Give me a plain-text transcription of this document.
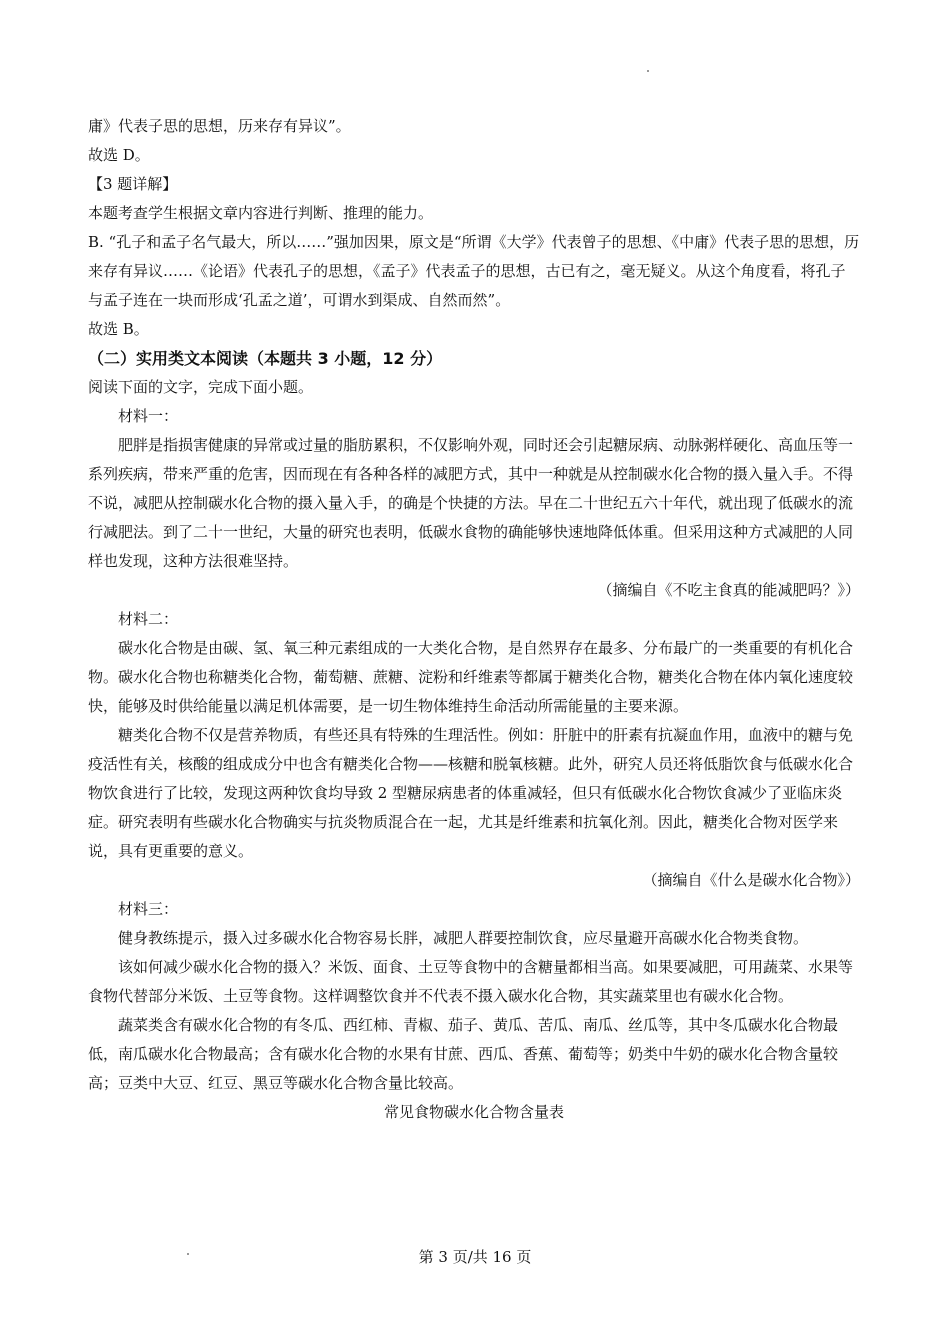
庸》代表子思的思想，历来存有异议”。

故选 D。

【3 题详解】

本题考查学生根据文章内容进行判断、推理的能力。

B. “孔子和孟子名气最大，所以……”强加因果，原文是“所谓《大学》代表曾子的思想、《中庸》代表子思的思想，历来存有异议……《论语》代表孔子的思想，《孟子》代表孟子的思想，古已有之，毫无疑义。从这个角度看，将孔子与孟子连在一块而形成‘孔孟之道’，可谓水到渠成、自然而然”。

故选 B。

（二）实用类文本阅读（本题共 3 小题，12 分）

阅读下面的文字，完成下面小题。

材料一：

肥胖是指损害健康的异常或过量的脂肪累积，不仅影响外观，同时还会引起糖尿病、动脉粥样硬化、高血压等一系列疾病，带来严重的危害，因而现在有各种各样的减肥方式，其中一种就是从控制碳水化合物的摄入量入手。不得不说，减肥从控制碳水化合物的摄入量入手，的确是个快捷的方法。早在二十世纪五六十年代，就出现了低碳水的流行减肥法。到了二十一世纪，大量的研究也表明，低碳水食物的确能够快速地降低体重。但采用这种方式减肥的人同样也发现，这种方法很难坚持。

（摘编自《不吃主食真的能减肥吗？》）

材料二：

碳水化合物是由碳、氢、氧三种元素组成的一大类化合物，是自然界存在最多、分布最广的一类重要的有机化合物。碳水化合物也称糖类化合物，葡萄糖、蔗糖、淀粉和纤维素等都属于糖类化合物，糖类化合物在体内氧化速度较快，能够及时供给能量以满足机体需要，是一切生物体维持生命活动所需能量的主要来源。

糖类化合物不仅是营养物质，有些还具有特殊的生理活性。例如：肝脏中的肝素有抗凝血作用，血液中的糖与免疫活性有关，核酸的组成成分中也含有糖类化合物——核糖和脱氧核糖。此外，研究人员还将低脂饮食与低碳水化合物饮食进行了比较，发现这两种饮食均导致 2 型糖尿病患者的体重减轻，但只有低碳水化合物饮食减少了亚临床炎症。研究表明有些碳水化合物确实与抗炎物质混合在一起，尤其是纤维素和抗氧化剂。因此，糖类化合物对医学来说，具有更重要的意义。

（摘编自《什么是碳水化合物》）

材料三：

健身教练提示，摄入过多碳水化合物容易长胖，减肥人群要控制饮食，应尽量避开高碳水化合物类食物。

该如何减少碳水化合物的摄入？米饭、面食、土豆等食物中的含糖量都相当高。如果要减肥，可用蔬菜、水果等食物代替部分米饭、土豆等食物。这样调整饮食并不代表不摄入碳水化合物，其实蔬菜里也有碳水化合物。

蔬菜类含有碳水化合物的有冬瓜、西红柿、青椒、茄子、黄瓜、苦瓜、南瓜、丝瓜等，其中冬瓜碳水化合物最低，南瓜碳水化合物最高；含有碳水化合物的水果有甘蔗、西瓜、香蕉、葡萄等；奶类中牛奶的碳水化合物含量较高；豆类中大豆、红豆、黑豆等碳水化合物含量比较高。

常见食物碳水化合物含量表

第 3 页/共 16 页
